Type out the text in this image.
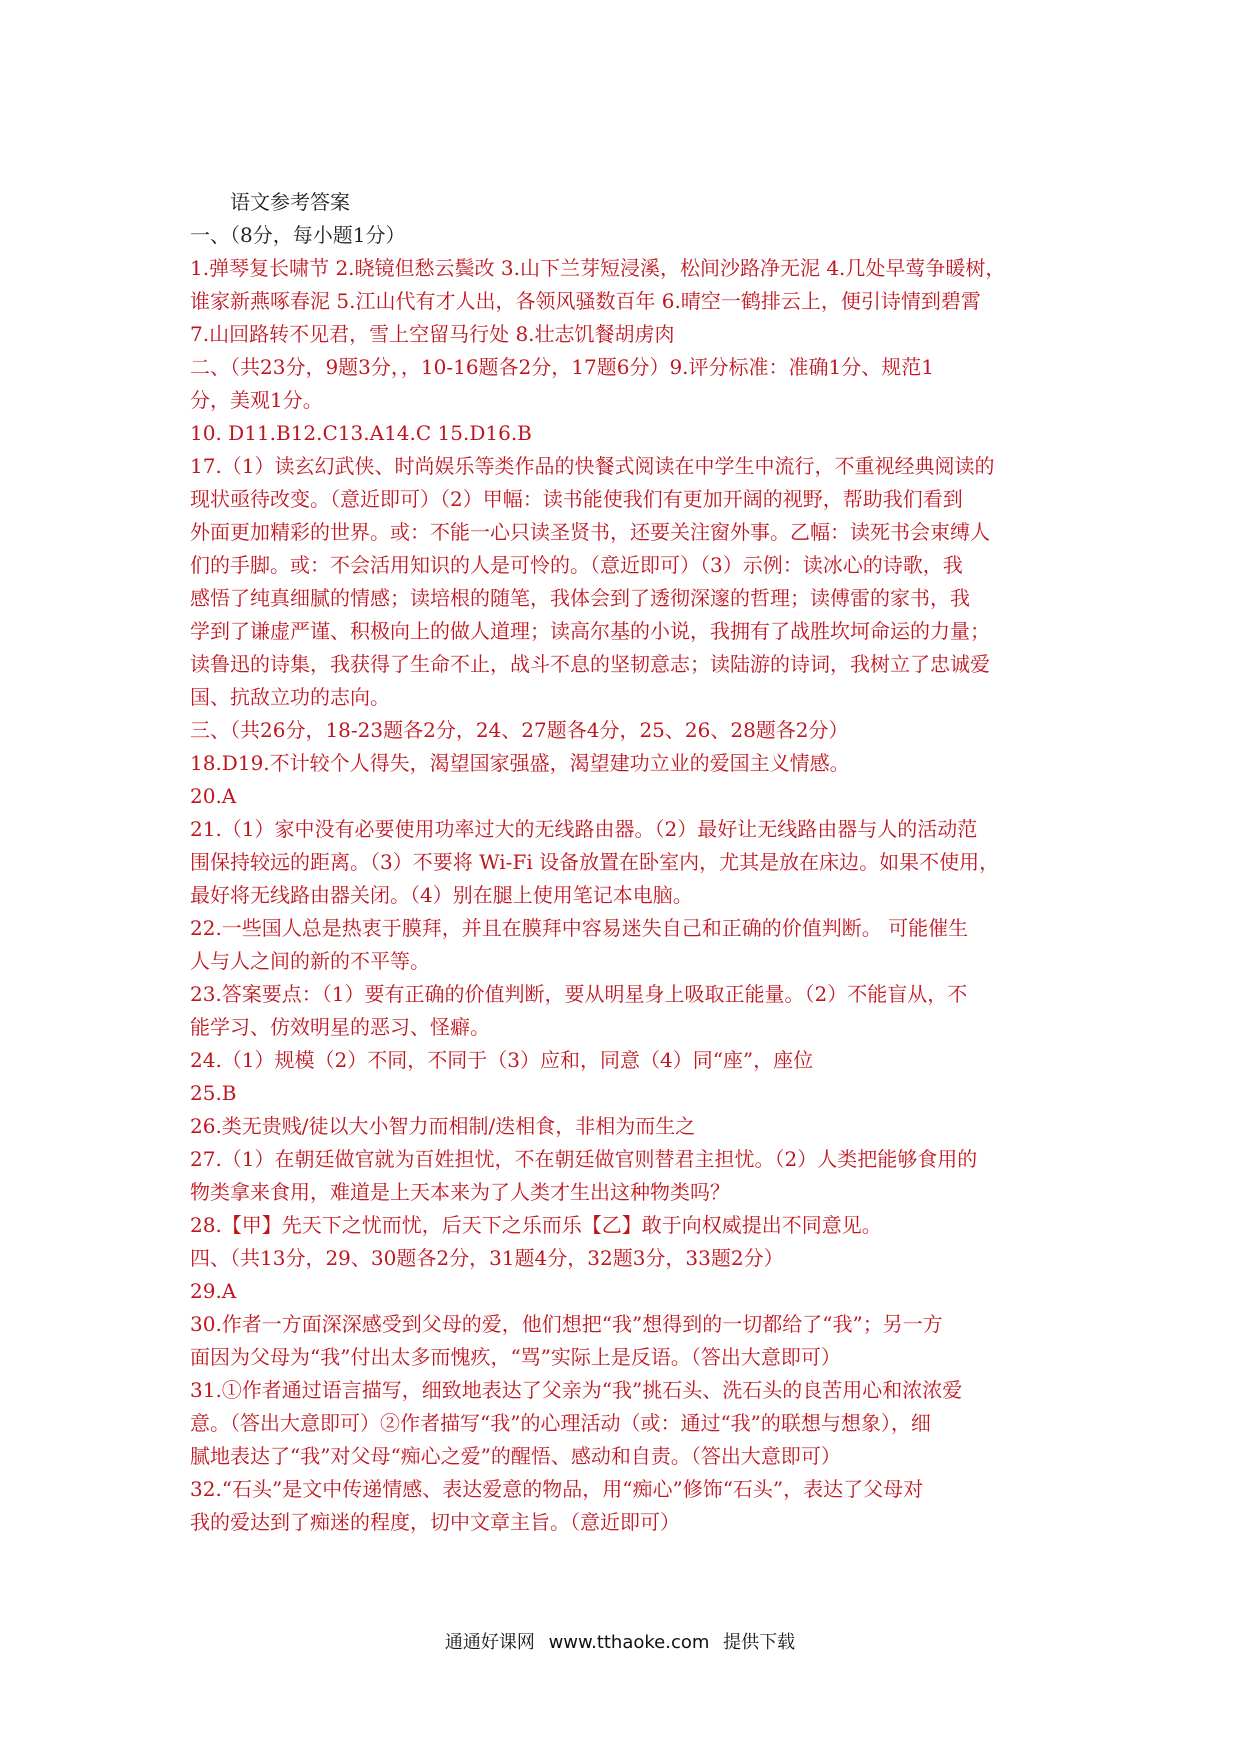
语文参考答案
一、（8分，每小题1分）
1.弹琴复长啸节 2.晓镜但愁云鬓改 3.山下兰芽短浸溪，松间沙路净无泥 4.几处早莺争暖树，
谁家新燕啄春泥 5.江山代有才人出，各领风骚数百年 6.晴空一鹤排云上，便引诗情到碧霄
7.山回路转不见君，雪上空留马行处 8.壮志饥餐胡虏肉
二、（共23分，9题3分，，10-16题各2分，17题6分）9.评分标准：准确1分、规范1
分，美观1分。
10. D11.B12.C13.A14.C 15.D16.B
17.（1）读玄幻武侠、时尚娱乐等类作品的快餐式阅读在中学生中流行，不重视经典阅读的
现状亟待改变。（意近即可）（2）甲幅：读书能使我们有更加开阔的视野，帮助我们看到
外面更加精彩的世界。或：不能一心只读圣贤书，还要关注窗外事。乙幅：读死书会束缚人
们的手脚。或：不会活用知识的人是可怜的。（意近即可）（3）示例：读冰心的诗歌，我
感悟了纯真细腻的情感；读培根的随笔，我体会到了透彻深邃的哲理；读傅雷的家书，我
学到了谦虚严谨、积极向上的做人道理；读高尔基的小说，我拥有了战胜坎坷命运的力量；
读鲁迅的诗集，我获得了生命不止，战斗不息的坚韧意志；读陆游的诗词，我树立了忠诚爱
国、抗敌立功的志向。
三、（共26分，18-23题各2分，24、27题各4分，25、26、28题各2分）
18.D19.不计较个人得失，渴望国家强盛，渴望建功立业的爱国主义情感。
20.A
21.（1）家中没有必要使用功率过大的无线路由器。（2）最好让无线路由器与人的活动范
围保持较远的距离。（3）不要将 Wi-Fi 设备放置在卧室内，尤其是放在床边。如果不使用，
最好将无线路由器关闭。（4）别在腿上使用笔记本电脑。
22.一些国人总是热衷于膜拜，并且在膜拜中容易迷失自己和正确的价值判断。 可能催生
人与人之间的新的不平等。
23.答案要点：（1）要有正确的价值判断，要从明星身上吸取正能量。（2）不能盲从，不
能学习、仿效明星的恶习、怪癖。
24.（1）规模（2）不同，不同于（3）应和，同意（4）同“座”，座位
25.B
26.类无贵贱/徒以大小智力而相制/迭相食，非相为而生之
27.（1）在朝廷做官就为百姓担忧，不在朝廷做官则替君主担忧。（2）人类把能够食用的
物类拿来食用，难道是上天本来为了人类才生出这种物类吗？
28.【甲】先天下之忧而忧，后天下之乐而乐【乙】敢于向权威提出不同意见。
四、（共13分，29、30题各2分，31题4分，32题3分，33题2分）
29.A
30.作者一方面深深感受到父母的爱，他们想把“我”想得到的一切都给了“我”；另一方
面因为父母为“我”付出太多而愧疚，“骂”实际上是反语。（答出大意即可）
31.①作者通过语言描写，细致地表达了父亲为“我”挑石头、洗石头的良苦用心和浓浓爱
意。（答出大意即可）②作者描写“我”的心理活动（或：通过“我”的联想与想象），细
腻地表达了“我”对父母“痴心之爱”的醒悟、感动和自责。（答出大意即可）
32.“石头”是文中传递情感、表达爱意的物品，用“痴心”修饰“石头”，表达了父母对
我的爱达到了痴迷的程度，切中文章主旨。（意近即可）
通通好课网 www.tthaoke.com 提供下载
